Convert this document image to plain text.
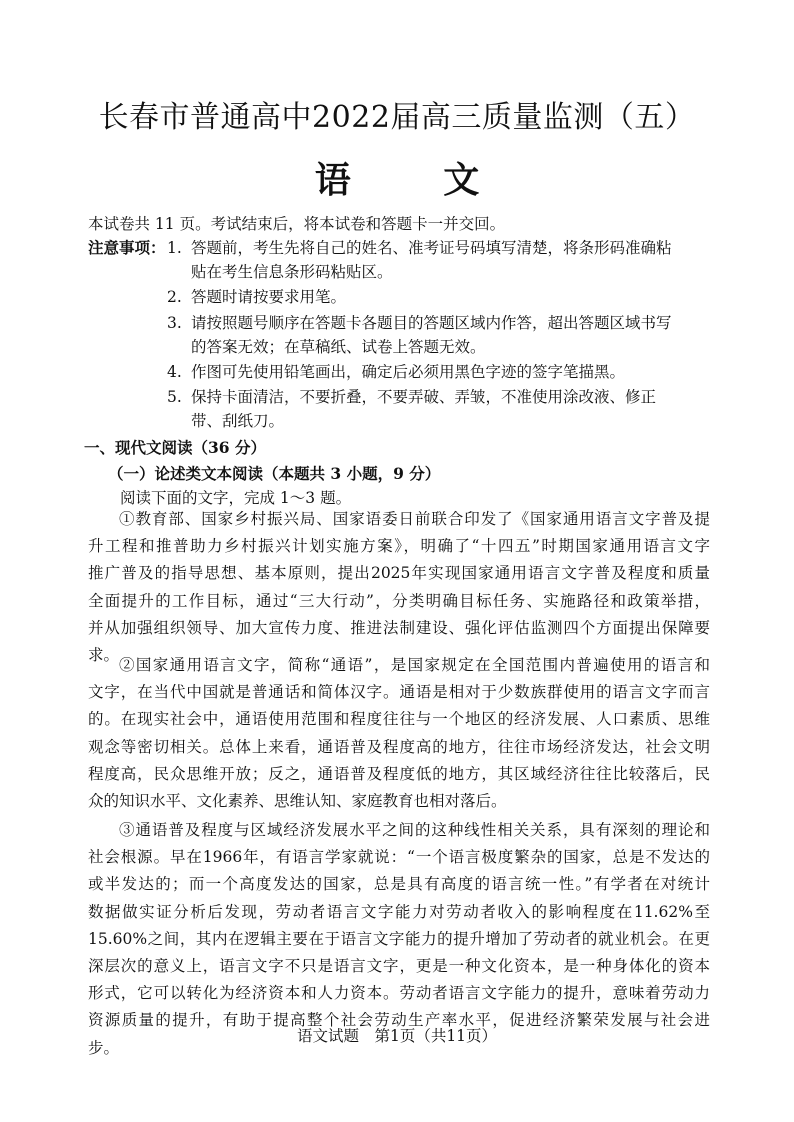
长春市普通高中2022届高三质量监测（五）
语 文
本试卷共 11 页。考试结束后，将本试卷和答题卡一并交回。
注意事项： 1. 答题前，考生先将自己的姓名、准考证号码填写清楚，将条形码准确粘
贴在考生信息条形码粘贴区。
2. 答题时请按要求用笔。
3. 请按照题号顺序在答题卡各题目的答题区域内作答，超出答题区域书写
的答案无效；在草稿纸、试卷上答题无效。
4. 作图可先使用铅笔画出，确定后必须用黑色字迹的签字笔描黑。
5. 保持卡面清洁，不要折叠，不要弄破、弄皱，不准使用涂改液、修正
带、刮纸刀。
一、现代文阅读（36 分）
（一）论述类文本阅读（本题共 3 小题，9 分）
阅读下面的文字，完成 1～3 题。
①教育部、国家乡村振兴局、国家语委日前联合印发了《国家通用语言文字普及提
升工程和推普助力乡村振兴计划实施方案》，明确了“十四五”时期国家通用语言文字
推广普及的指导思想、基本原则，提出2025年实现国家通用语言文字普及程度和质量
全面提升的工作目标，通过“三大行动”，分类明确目标任务、实施路径和政策举措，
并从加强组织领导、加大宣传力度、推进法制建设、强化评估监测四个方面提出保障要
求。
②国家通用语言文字，简称“通语”，是国家规定在全国范围内普遍使用的语言和
文字，在当代中国就是普通话和简体汉字。通语是相对于少数族群使用的语言文字而言
的。在现实社会中，通语使用范围和程度往往与一个地区的经济发展、人口素质、思维
观念等密切相关。总体上来看，通语普及程度高的地方，往往市场经济发达，社会文明
程度高，民众思维开放；反之，通语普及程度低的地方，其区域经济往往比较落后，民
众的知识水平、文化素养、思维认知、家庭教育也相对落后。
③通语普及程度与区域经济发展水平之间的这种线性相关关系，具有深刻的理论和
社会根源。早在1966年，有语言学家就说：“一个语言极度繁杂的国家，总是不发达的
或半发达的；而一个高度发达的国家，总是具有高度的语言统一性。”有学者在对统计
数据做实证分析后发现，劳动者语言文字能力对劳动者收入的影响程度在11.62%至
15.60%之间，其内在逻辑主要在于语言文字能力的提升增加了劳动者的就业机会。在更
深层次的意义上，语言文字不只是语言文字，更是一种文化资本，是一种身体化的资本
形式，它可以转化为经济资本和人力资本。劳动者语言文字能力的提升，意味着劳动力
资源质量的提升，有助于提高整个社会劳动生产率水平，促进经济繁荣发展与社会进
步。
语文试题　第1页（共11页）
